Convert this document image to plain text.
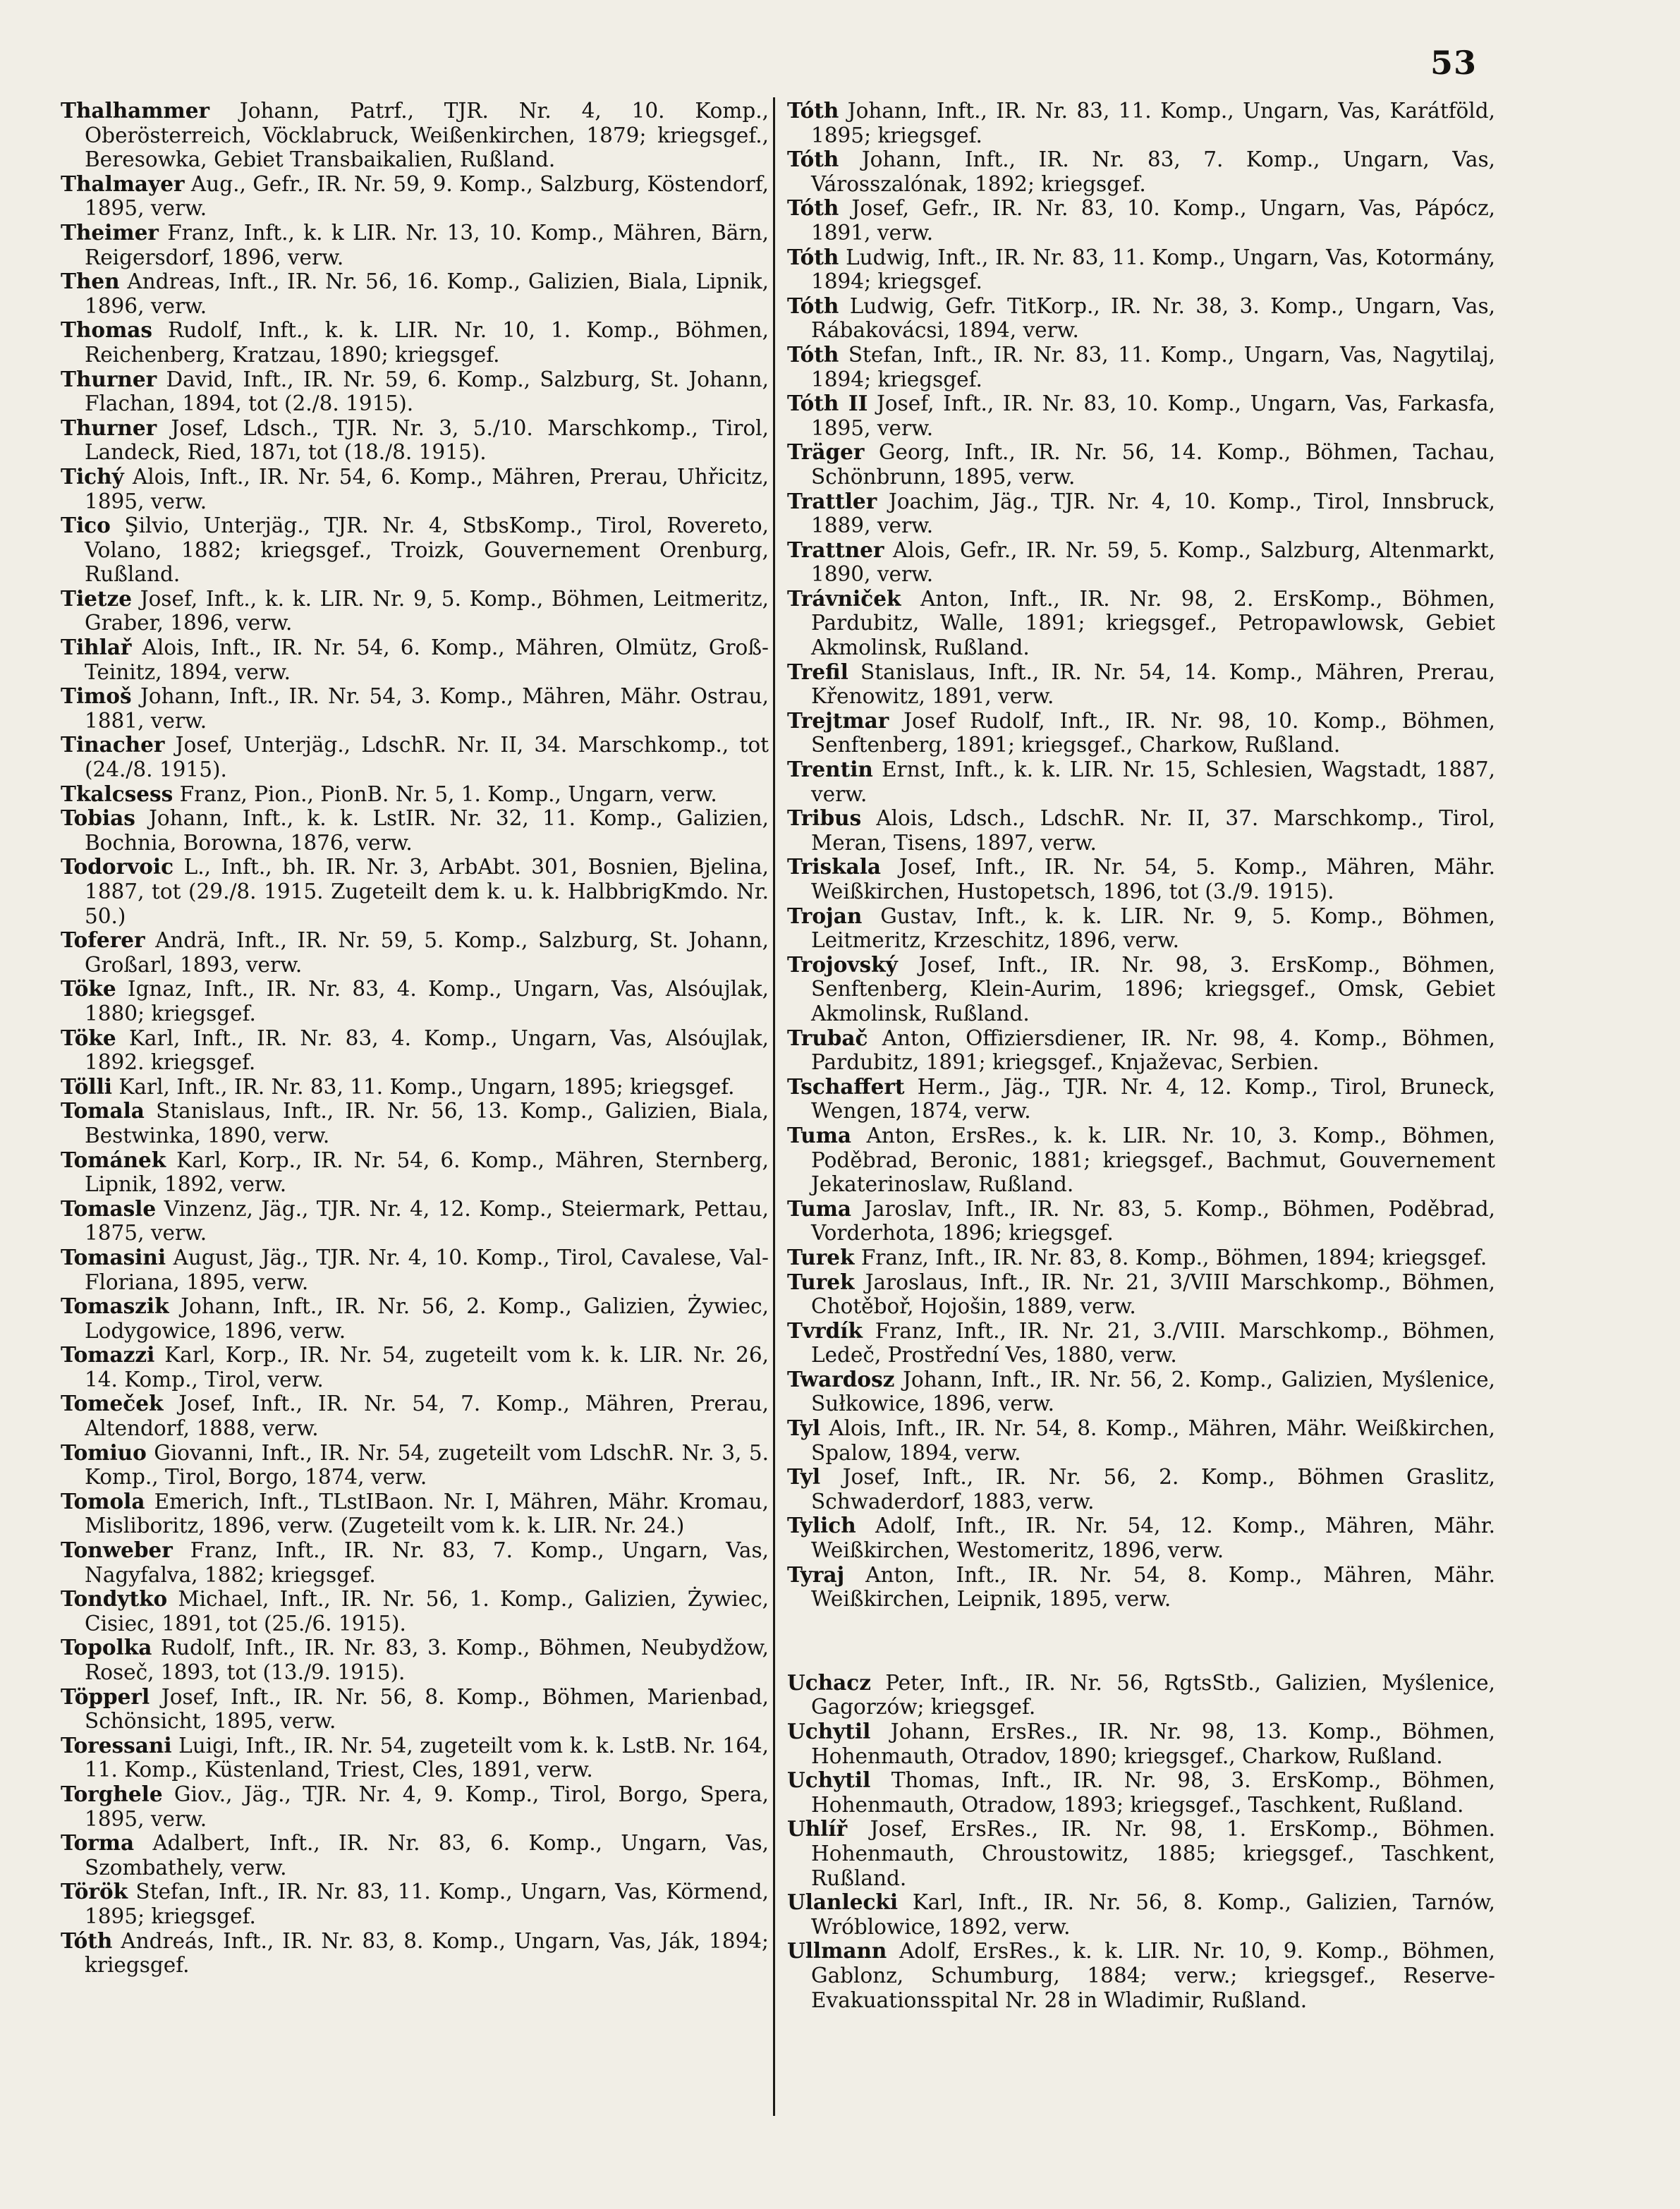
53

Thalhammer Johann, Patrf., TJR. Nr. 4, 10. Komp., Oberösterreich, Vöcklabruck, Weißenkirchen, 1879; kriegsgef., Beresowka, Gebiet Transbaikalien, Rußland.

Thalmayer Aug., Gefr., IR. Nr. 59, 9. Komp., Salzburg, Köstendorf, 1895, verw.

Theimer Franz, Inft., k. k LIR. Nr. 13, 10. Komp., Mähren, Bärn, Reigersdorf, 1896, verw.

Then Andreas, Inft., IR. Nr. 56, 16. Komp., Galizien, Biala, Lipnik, 1896, verw.

Thomas Rudolf, Inft., k. k. LIR. Nr. 10, 1. Komp., Böhmen, Reichenberg, Kratzau, 1890; kriegsgef.

Thurner David, Inft., IR. Nr. 59, 6. Komp., Salzburg, St. Johann, Flachan, 1894, tot (2./8. 1915).

Thurner Josef, Ldsch., TJR. Nr. 3, 5./10. Marschkomp., Tirol, Landeck, Ried, 187ı, tot (18./8. 1915).

Tichý Alois, Inft., IR. Nr. 54, 6. Komp., Mähren, Prerau, Uhřicitz, 1895, verw.

Tico Şilvio, Unterjäg., TJR. Nr. 4, StbsKomp., Tirol, Rovereto, Volano, 1882; kriegsgef., Troizk, Gouvernement Orenburg, Rußland.

Tietze Josef, Inft., k. k. LIR. Nr. 9, 5. Komp., Böhmen, Leitmeritz, Graber, 1896, verw.

Tihlař Alois, Inft., IR. Nr. 54, 6. Komp., Mähren, Olmütz, Groß-Teinitz, 1894, verw.

Timoš Johann, Inft., IR. Nr. 54, 3. Komp., Mähren, Mähr. Ostrau, 1881, verw.

Tinacher Josef, Unterjäg., LdschR. Nr. II, 34. Marschkomp., tot (24./8. 1915).

Tkalcsess Franz, Pion., PionB. Nr. 5, 1. Komp., Ungarn, verw.

Tobias Johann, Inft., k. k. LstIR. Nr. 32, 11. Komp., Galizien, Bochnia, Borowna, 1876, verw.

Todorvoic L., Inft., bh. IR. Nr. 3, ArbAbt. 301, Bosnien, Bjelina, 1887, tot (29./8. 1915. Zugeteilt dem k. u. k. HalbbrigKmdo. Nr. 50.)

Toferer Andrä, Inft., IR. Nr. 59, 5. Komp., Salzburg, St. Johann, Großarl, 1893, verw.

Töke Ignaz, Inft., IR. Nr. 83, 4. Komp., Ungarn, Vas, Alsóujlak, 1880; kriegsgef.

Töke Karl, Inft., IR. Nr. 83, 4. Komp., Ungarn, Vas, Alsóujlak, 1892. kriegsgef.

Tölli Karl, Inft., IR. Nr. 83, 11. Komp., Ungarn, 1895; kriegsgef.

Tomala Stanislaus, Inft., IR. Nr. 56, 13. Komp., Galizien, Biala, Bestwinka, 1890, verw.

Tománek Karl, Korp., IR. Nr. 54, 6. Komp., Mähren, Sternberg, Lipnik, 1892, verw.

Tomasle Vinzenz, Jäg., TJR. Nr. 4, 12. Komp., Steiermark, Pettau, 1875, verw.

Tomasini August, Jäg., TJR. Nr. 4, 10. Komp., Tirol, Cavalese, Val-Floriana, 1895, verw.

Tomaszik Johann, Inft., IR. Nr. 56, 2. Komp., Galizien, Żywiec, Lodygowice, 1896, verw.

Tomazzi Karl, Korp., IR. Nr. 54, zugeteilt vom k. k. LIR. Nr. 26, 14. Komp., Tirol, verw.

Tomeček Josef, Inft., IR. Nr. 54, 7. Komp., Mähren, Prerau, Altendorf, 1888, verw.

Tomiuo Giovanni, Inft., IR. Nr. 54, zugeteilt vom LdschR. Nr. 3, 5. Komp., Tirol, Borgo, 1874, verw.

Tomola Emerich, Inft., TLstIBaon. Nr. I, Mähren, Mähr. Kromau, Misliboritz, 1896, verw. (Zugeteilt vom k. k. LIR. Nr. 24.)

Tonweber Franz, Inft., IR. Nr. 83, 7. Komp., Ungarn, Vas, Nagyfalva, 1882; kriegsgef.

Tondytko Michael, Inft., IR. Nr. 56, 1. Komp., Galizien, Żywiec, Cisiec, 1891, tot (25./6. 1915).

Topolka Rudolf, Inft., IR. Nr. 83, 3. Komp., Böhmen, Neubydžow, Roseč, 1893, tot (13./9. 1915).

Töpperl Josef, Inft., IR. Nr. 56, 8. Komp., Böhmen, Marienbad, Schönsicht, 1895, verw.

Toressani Luigi, Inft., IR. Nr. 54, zugeteilt vom k. k. LstB. Nr. 164, 11. Komp., Küstenland, Triest, Cles, 1891, verw.

Torghele Giov., Jäg., TJR. Nr. 4, 9. Komp., Tirol, Borgo, Spera, 1895, verw.

Torma Adalbert, Inft., IR. Nr. 83, 6. Komp., Ungarn, Vas, Szombathely, verw.

Török Stefan, Inft., IR. Nr. 83, 11. Komp., Ungarn, Vas, Körmend, 1895; kriegsgef.

Tóth Andreás, Inft., IR. Nr. 83, 8. Komp., Ungarn, Vas, Ják, 1894; kriegsgef.

Tóth Johann, Inft., IR. Nr. 83, 11. Komp., Ungarn, Vas, Karátföld, 1895; kriegsgef.

Tóth Johann, Inft., IR. Nr. 83, 7. Komp., Ungarn, Vas, Városszalónak, 1892; kriegsgef.

Tóth Josef, Gefr., IR. Nr. 83, 10. Komp., Ungarn, Vas, Pápócz, 1891, verw.

Tóth Ludwig, Inft., IR. Nr. 83, 11. Komp., Ungarn, Vas, Kotormány, 1894; kriegsgef.

Tóth Ludwig, Gefr. TitKorp., IR. Nr. 38, 3. Komp., Ungarn, Vas, Rábakovácsi, 1894, verw.

Tóth Stefan, Inft., IR. Nr. 83, 11. Komp., Ungarn, Vas, Nagytilaj, 1894; kriegsgef.

Tóth II Josef, Inft., IR. Nr. 83, 10. Komp., Ungarn, Vas, Farkasfa, 1895, verw.

Träger Georg, Inft., IR. Nr. 56, 14. Komp., Böhmen, Tachau, Schönbrunn, 1895, verw.

Trattler Joachim, Jäg., TJR. Nr. 4, 10. Komp., Tirol, Innsbruck, 1889, verw.

Trattner Alois, Gefr., IR. Nr. 59, 5. Komp., Salzburg, Altenmarkt, 1890, verw.

Trávniček Anton, Inft., IR. Nr. 98, 2. ErsKomp., Böhmen, Pardubitz, Walle, 1891; kriegsgef., Petropawlowsk, Gebiet Akmolinsk, Rußland.

Trefil Stanislaus, Inft., IR. Nr. 54, 14. Komp., Mähren, Prerau, Křenowitz, 1891, verw.

Trejtmar Josef Rudolf, Inft., IR. Nr. 98, 10. Komp., Böhmen, Senftenberg, 1891; kriegsgef., Charkow, Rußland.

Trentin Ernst, Inft., k. k. LIR. Nr. 15, Schlesien, Wagstadt, 1887, verw.

Tribus Alois, Ldsch., LdschR. Nr. II, 37. Marschkomp., Tirol, Meran, Tisens, 1897, verw.

Triskala Josef, Inft., IR. Nr. 54, 5. Komp., Mähren, Mähr. Weißkirchen, Hustopetsch, 1896, tot (3./9. 1915).

Trojan Gustav, Inft., k. k. LIR. Nr. 9, 5. Komp., Böhmen, Leitmeritz, Krzeschitz, 1896, verw.

Trojovský Josef, Inft., IR. Nr. 98, 3. ErsKomp., Böhmen, Senftenberg, Klein-Aurim, 1896; kriegsgef., Omsk, Gebiet Akmolinsk, Rußland.

Trubač Anton, Offiziersdiener, IR. Nr. 98, 4. Komp., Böhmen, Pardubitz, 1891; kriegsgef., Knjaževac, Serbien.

Tschaffert Herm., Jäg., TJR. Nr. 4, 12. Komp., Tirol, Bruneck, Wengen, 1874, verw.

Tuma Anton, ErsRes., k. k. LIR. Nr. 10, 3. Komp., Böhmen, Poděbrad, Beronic, 1881; kriegsgef., Bachmut, Gouvernement Jekaterinoslaw, Rußland.

Tuma Jaroslav, Inft., IR. Nr. 83, 5. Komp., Böhmen, Poděbrad, Vorderhota, 1896; kriegsgef.

Turek Franz, Inft., IR. Nr. 83, 8. Komp., Böhmen, 1894; kriegsgef.

Turek Jaroslaus, Inft., IR. Nr. 21, 3/VIII Marschkomp., Böhmen, Chotěboř, Hojošin, 1889, verw.

Tvrdík Franz, Inft., IR. Nr. 21, 3./VIII. Marschkomp., Böhmen, Ledeč, Prostřední Ves, 1880, verw.

Twardosz Johann, Inft., IR. Nr. 56, 2. Komp., Galizien, Myślenice, Sułkowice, 1896, verw.

Tyl Alois, Inft., IR. Nr. 54, 8. Komp., Mähren, Mähr. Weißkirchen, Spalow, 1894, verw.

Tyl Josef, Inft., IR. Nr. 56, 2. Komp., Böhmen Graslitz, Schwaderdorf, 1883, verw.

Tylich Adolf, Inft., IR. Nr. 54, 12. Komp., Mähren, Mähr. Weißkirchen, Westomeritz, 1896, verw.

Tyraj Anton, Inft., IR. Nr. 54, 8. Komp., Mähren, Mähr. Weißkirchen, Leipnik, 1895, verw.

Uchacz Peter, Inft., IR. Nr. 56, RgtsStb., Galizien, Myślenice, Gagorzów; kriegsgef.

Uchytil Johann, ErsRes., IR. Nr. 98, 13. Komp., Böhmen, Hohenmauth, Otradov, 1890; kriegsgef., Charkow, Rußland.

Uchytil Thomas, Inft., IR. Nr. 98, 3. ErsKomp., Böhmen, Hohenmauth, Otradow, 1893; kriegsgef., Taschkent, Rußland.

Uhlíř Josef, ErsRes., IR. Nr. 98, 1. ErsKomp., Böhmen. Hohenmauth, Chroustowitz, 1885; kriegsgef., Taschkent, Rußland.

Ulanlecki Karl, Inft., IR. Nr. 56, 8. Komp., Galizien, Tarnów, Wróblowice, 1892, verw.

Ullmann Adolf, ErsRes., k. k. LIR. Nr. 10, 9. Komp., Böhmen, Gablonz, Schumburg, 1884; verw.; kriegsgef., Reserve-Evakuationsspital Nr. 28 in Wladimir, Rußland.
